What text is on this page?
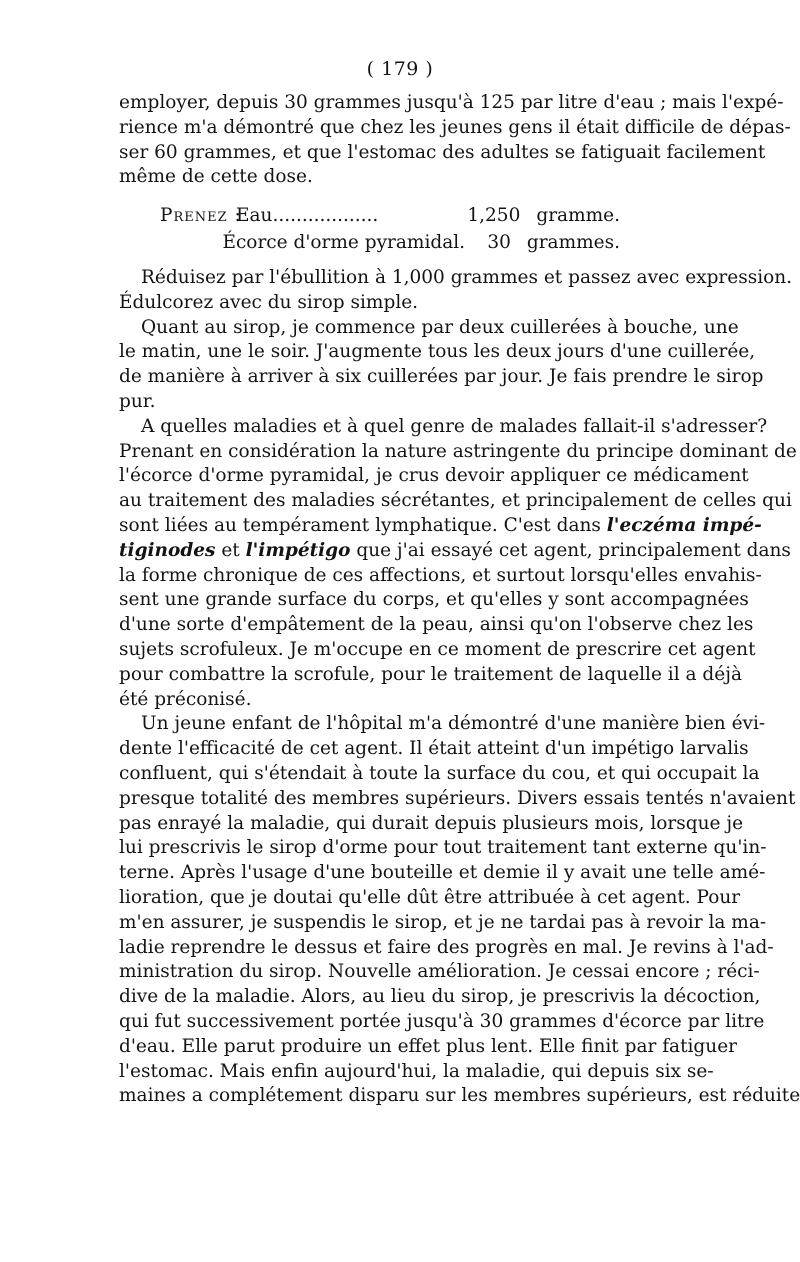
( 179 )
employer, depuis 30 grammes jusqu'à 125 par litre d'eau ; mais l'expé-
rience m'a démontré que chez les jeunes gens il était difficile de dépas-
ser 60 grammes, et que l'estomac des adultes se fatiguait facilement
même de cette dose.
Prenez :
Eau..................	1,250 gramme.
Écorce d'orme pyramidal.	30 grammes.
Réduisez par l'ébullition à 1,000 grammes et passez avec expression.
Édulcorez avec du sirop simple.
Quant au sirop, je commence par deux cuillerées à bouche, une
le matin, une le soir. J'augmente tous les deux jours d'une cuillerée,
de manière à arriver à six cuillerées par jour. Je fais prendre le sirop
pur.
A quelles maladies et à quel genre de malades fallait-il s'adresser?
Prenant en considération la nature astringente du principe dominant de
l'écorce d'orme pyramidal, je crus devoir appliquer ce médicament
au traitement des maladies sécrétantes, et principalement de celles qui
sont liées au tempérament lymphatique. C'est dans l'eczéma impé-
tiginodes et l'impétigo que j'ai essayé cet agent, principalement dans
la forme chronique de ces affections, et surtout lorsqu'elles envahis-
sent une grande surface du corps, et qu'elles y sont accompagnées
d'une sorte d'empâtement de la peau, ainsi qu'on l'observe chez les
sujets scrofuleux. Je m'occupe en ce moment de prescrire cet agent
pour combattre la scrofule, pour le traitement de laquelle il a déjà
été préconisé.
Un jeune enfant de l'hôpital m'a démontré d'une manière bien évi-
dente l'efficacité de cet agent. Il était atteint d'un impétigo larvalis
confluent, qui s'étendait à toute la surface du cou, et qui occupait la
presque totalité des membres supérieurs. Divers essais tentés n'avaient
pas enrayé la maladie, qui durait depuis plusieurs mois, lorsque je
lui prescrivis le sirop d'orme pour tout traitement tant externe qu'in-
terne. Après l'usage d'une bouteille et demie il y avait une telle amé-
lioration, que je doutai qu'elle dût être attribuée à cet agent. Pour
m'en assurer, je suspendis le sirop, et je ne tardai pas à revoir la ma-
ladie reprendre le dessus et faire des progrès en mal. Je revins à l'ad-
ministration du sirop. Nouvelle amélioration. Je cessai encore ; réci-
dive de la maladie. Alors, au lieu du sirop, je prescrivis la décoction,
qui fut successivement portée jusqu'à 30 grammes d'écorce par litre
d'eau. Elle parut produire un effet plus lent. Elle finit par fatiguer
l'estomac. Mais enfin aujourd'hui, la maladie, qui depuis six se-
maines a complétement disparu sur les membres supérieurs, est réduite
